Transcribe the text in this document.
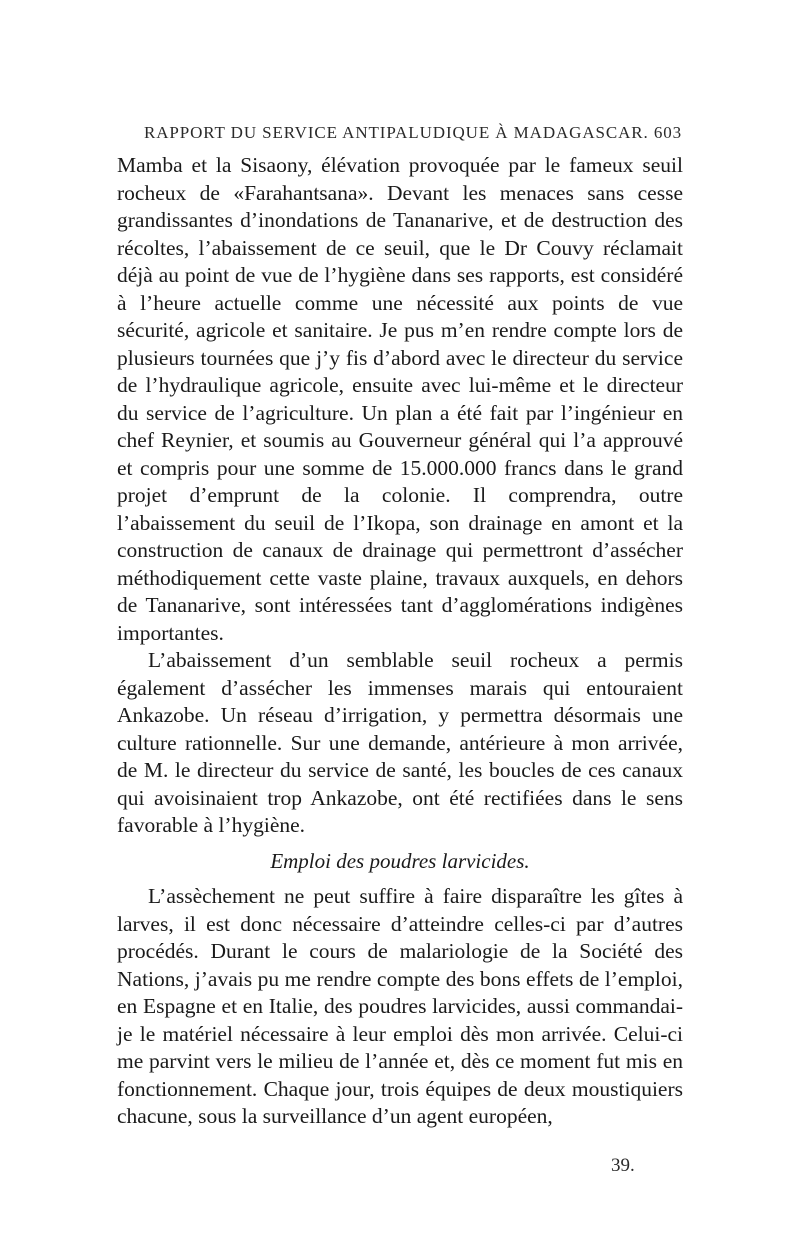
RAPPORT DU SERVICE ANTIPALUDIQUE À MADAGASCAR. 603

Mamba et la Sisaony, élévation provoquée par le fameux seuil rocheux de «Farahantsana». Devant les menaces sans cesse grandissantes d’inondations de Tananarive, et de destruction des récoltes, l’abaissement de ce seuil, que le Dr Couvy réclamait déjà au point de vue de l’hygiène dans ses rapports, est considéré à l’heure actuelle comme une nécessité aux points de vue sécurité, agricole et sanitaire. Je pus m’en rendre compte lors de plusieurs tournées que j’y fis d’abord avec le directeur du service de l’hydraulique agricole, ensuite avec lui-même et le directeur du service de l’agriculture. Un plan a été fait par l’ingénieur en chef Reynier, et soumis au Gouverneur général qui l’a approuvé et compris pour une somme de 15.000.000 francs dans le grand projet d’emprunt de la colonie. Il comprendra, outre l’abaissement du seuil de l’Ikopa, son drainage en amont et la construction de canaux de drainage qui permettront d’assécher méthodiquement cette vaste plaine, travaux auxquels, en dehors de Tananarive, sont intéressées tant d’agglomérations indigènes importantes.

L’abaissement d’un semblable seuil rocheux a permis également d’assécher les immenses marais qui entouraient Ankazobe. Un réseau d’irrigation, y permettra désormais une culture rationnelle. Sur une demande, antérieure à mon arrivée, de M. le directeur du service de santé, les boucles de ces canaux qui avoisinaient trop Ankazobe, ont été rectifiées dans le sens favorable à l’hygiène.

Emploi des poudres larvicides.

L’assèchement ne peut suffire à faire disparaître les gîtes à larves, il est donc nécessaire d’atteindre celles-ci par d’autres procédés. Durant le cours de malariologie de la Société des Nations, j’avais pu me rendre compte des bons effets de l’emploi, en Espagne et en Italie, des poudres larvicides, aussi commandai-je le matériel nécessaire à leur emploi dès mon arrivée. Celui-ci me parvint vers le milieu de l’année et, dès ce moment fut mis en fonctionnement. Chaque jour, trois équipes de deux moustiquiers chacune, sous la surveillance d’un agent européen,

39.
